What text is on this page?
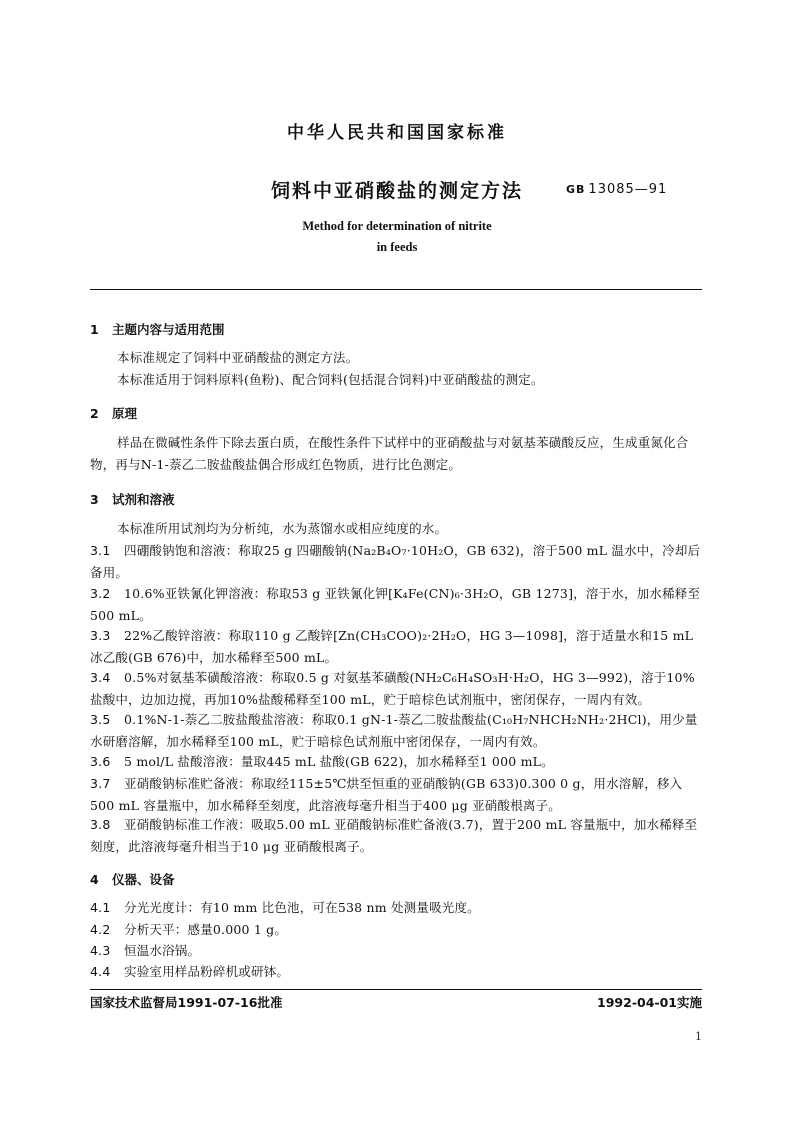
中华人民共和国国家标准
饲料中亚硝酸盐的测定方法	GB 13085—91
Method for determination of nitrite
in feeds
1 主题内容与适用范围
本标准规定了饲料中亚硝酸盐的测定方法。
本标准适用于饲料原料(鱼粉)、配合饲料(包括混合饲料)中亚硝酸盐的测定。
2 原理
样品在微碱性条件下除去蛋白质，在酸性条件下试样中的亚硝酸盐与对氨基苯磺酸反应，生成重氮化合物，再与N-1-萘乙二胺盐酸盐偶合形成红色物质，进行比色测定。
3 试剂和溶液
本标准所用试剂均为分析纯，水为蒸馏水或相应纯度的水。
3.1 四硼酸钠饱和溶液：称取25 g 四硼酸钠(Na₂B₄O₇·10H₂O，GB 632)，溶于500 mL 温水中，冷却后备用。
3.2 10.6%亚铁氰化钾溶液：称取53 g 亚铁氰化钾[K₄Fe(CN)₆·3H₂O，GB 1273]，溶于水，加水稀释至500 mL。
3.3 22%乙酸锌溶液：称取110 g 乙酸锌[Zn(CH₃COO)₂·2H₂O，HG 3—1098]，溶于适量水和15 mL 冰乙酸(GB 676)中，加水稀释至500 mL。
3.4 0.5%对氨基苯磺酸溶液：称取0.5 g 对氨基苯磺酸(NH₂C₆H₄SO₃H·H₂O，HG 3—992)，溶于10%盐酸中，边加边搅，再加10%盐酸稀释至100 mL，贮于暗棕色试剂瓶中，密闭保存，一周内有效。
3.5 0.1%N-1-萘乙二胺盐酸盐溶液：称取0.1 gN-1-萘乙二胺盐酸盐(C₁₀H₇NHCH₂NH₂·2HCl)，用少量水研磨溶解，加水稀释至100 mL，贮于暗棕色试剂瓶中密闭保存，一周内有效。
3.6 5 mol/L 盐酸溶液：量取445 mL 盐酸(GB 622)，加水稀释至1 000 mL。
3.7 亚硝酸钠标准贮备液：称取经115±5℃烘至恒重的亚硝酸钠(GB 633)0.300 0 g，用水溶解，移入500 mL 容量瓶中，加水稀释至刻度，此溶液每毫升相当于400 μg 亚硝酸根离子。
3.8 亚硝酸钠标准工作液：吸取5.00 mL 亚硝酸钠标准贮备液(3.7)，置于200 mL 容量瓶中，加水稀释至刻度，此溶液每毫升相当于10 μg 亚硝酸根离子。
4 仪器、设备
4.1 分光光度计：有10 mm 比色池，可在538 nm 处测量吸光度。
4.2 分析天平：感量0.000 1 g。
4.3 恒温水浴锅。
4.4 实验室用样品粉碎机或研钵。
国家技术监督局1991-07-16批准	1992-04-01实施
1
